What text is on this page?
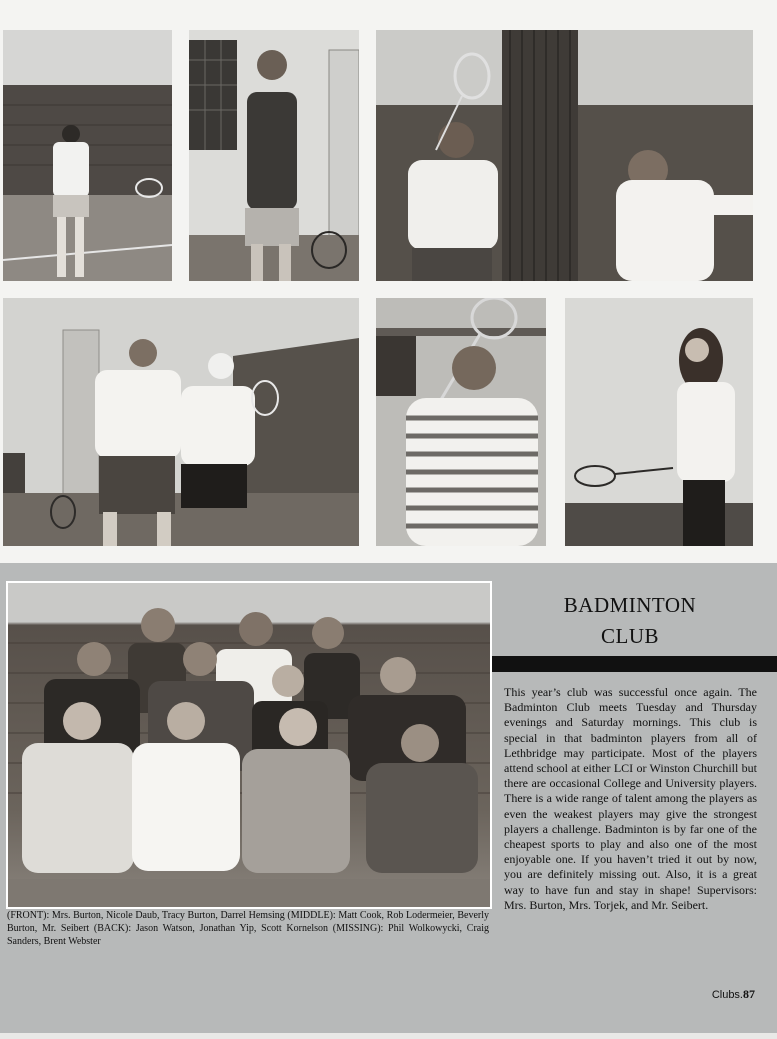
BADMINTON
CLUB
This year’s club was successful once again. The Badminton Club meets Tuesday and Thursday evenings and Saturday mornings. This club is special in that badminton players from all of Lethbridge may participate. Most of the players attend school at either LCI or Winston Churchill but there are occasional College and University players. There is a wide range of talent among the players as even the weakest players may give the strongest players a challenge. Badminton is by far one of the cheapest sports to play and also one of the most enjoyable one. If you haven’t tried it out by now, you are definitely missing out. Also, it is a great way to have fun and stay in shape! Supervisors: Mrs. Burton, Mrs. Torjek, and Mr. Seibert.
(FRONT): Mrs. Burton, Nicole Daub, Tracy Burton, Darrel Hemsing (MIDDLE): Matt Cook, Rob Lodermeier, Beverly Burton, Mr. Seibert (BACK): Jason Watson, Jonathan Yip, Scott Kornelson (MISSING): Phil Wolkowycki, Craig Sanders, Brent Webster
Clubs.87
